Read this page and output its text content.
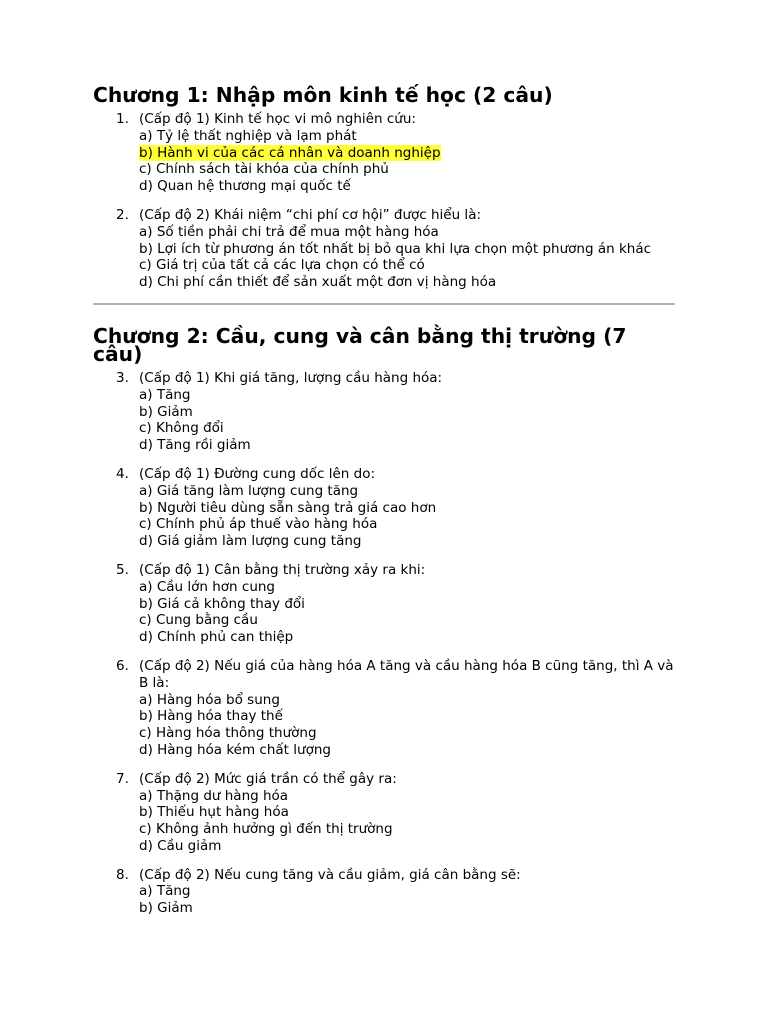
Chương 1: Nhập môn kinh tế học (2 câu)
1. (Cấp độ 1) Kinh tế học vi mô nghiên cứu:
a) Tỷ lệ thất nghiệp và lạm phát
b) Hành vi của các cá nhân và doanh nghiệp
c) Chính sách tài khóa của chính phủ
d) Quan hệ thương mại quốc tế
2. (Cấp độ 2) Khái niệm “chi phí cơ hội” được hiểu là:
a) Số tiền phải chi trả để mua một hàng hóa
b) Lợi ích từ phương án tốt nhất bị bỏ qua khi lựa chọn một phương án khác
c) Giá trị của tất cả các lựa chọn có thể có
d) Chi phí cần thiết để sản xuất một đơn vị hàng hóa
Chương 2: Cầu, cung và cân bằng thị trường (7 câu)
3. (Cấp độ 1) Khi giá tăng, lượng cầu hàng hóa:
a) Tăng
b) Giảm
c) Không đổi
d) Tăng rồi giảm
4. (Cấp độ 1) Đường cung dốc lên do:
a) Giá tăng làm lượng cung tăng
b) Người tiêu dùng sẵn sàng trả giá cao hơn
c) Chính phủ áp thuế vào hàng hóa
d) Giá giảm làm lượng cung tăng
5. (Cấp độ 1) Cân bằng thị trường xảy ra khi:
a) Cầu lớn hơn cung
b) Giá cả không thay đổi
c) Cung bằng cầu
d) Chính phủ can thiệp
6. (Cấp độ 2) Nếu giá của hàng hóa A tăng và cầu hàng hóa B cũng tăng, thì A và B là:
a) Hàng hóa bổ sung
b) Hàng hóa thay thế
c) Hàng hóa thông thường
d) Hàng hóa kém chất lượng
7. (Cấp độ 2) Mức giá trần có thể gây ra:
a) Thặng dư hàng hóa
b) Thiếu hụt hàng hóa
c) Không ảnh hưởng gì đến thị trường
d) Cầu giảm
8. (Cấp độ 2) Nếu cung tăng và cầu giảm, giá cân bằng sẽ:
a) Tăng
b) Giảm
